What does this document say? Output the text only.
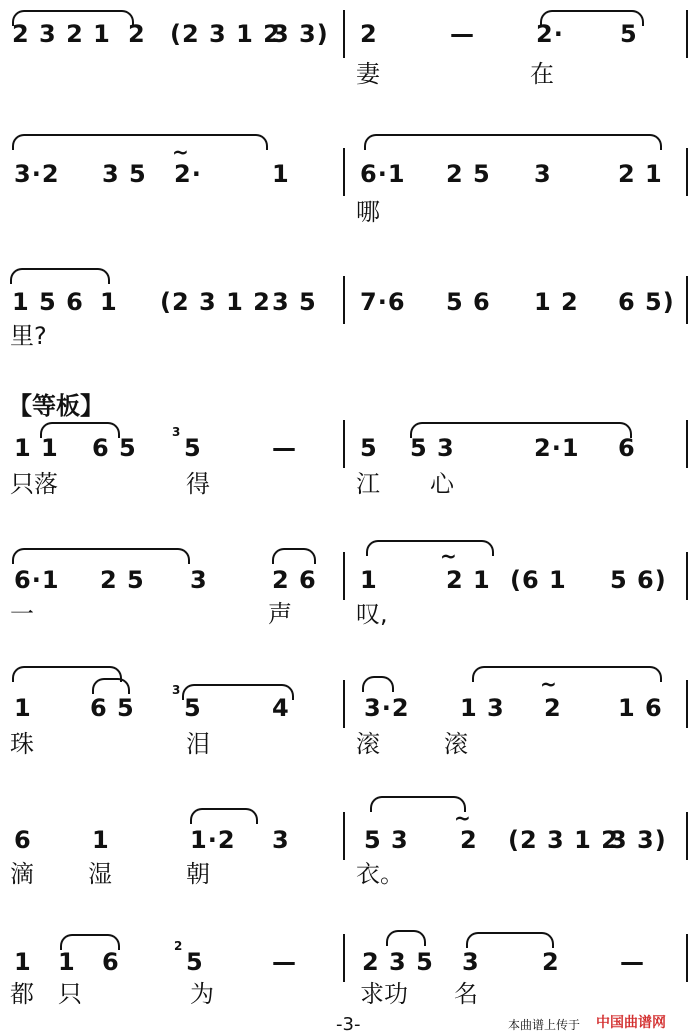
2 3 2 1 2 (2 3 1 2
3 3) 2	—	2· 5
妻	在
3·2 3 5 2·
~
1	6·1 2 5 3	2 1
哪
1 5 6 1 (2 3 1 2 3 5 7·6 5 6 1 2 6 5)
里?
【等板】
1 1 6 5
3
5	—	5 5 3	2·1 6
只落	得	江 心
6·1 2 5 3	2 6 1
~
2 1 (6 1 5 6)
一	声	叹,
1 6 5
3
5	4	3·2 1 3
~
2 1 6
珠	泪	滚	滚
6	1	1·2 3	5 3
~
2 (2 3 1 2
3 3)
滴 湿	朝	衣。
1 1 6
2
5	—	2 3 5 3	2	—
都 只	为	求功 名
-3-	本曲谱上传于 中国曲谱网
